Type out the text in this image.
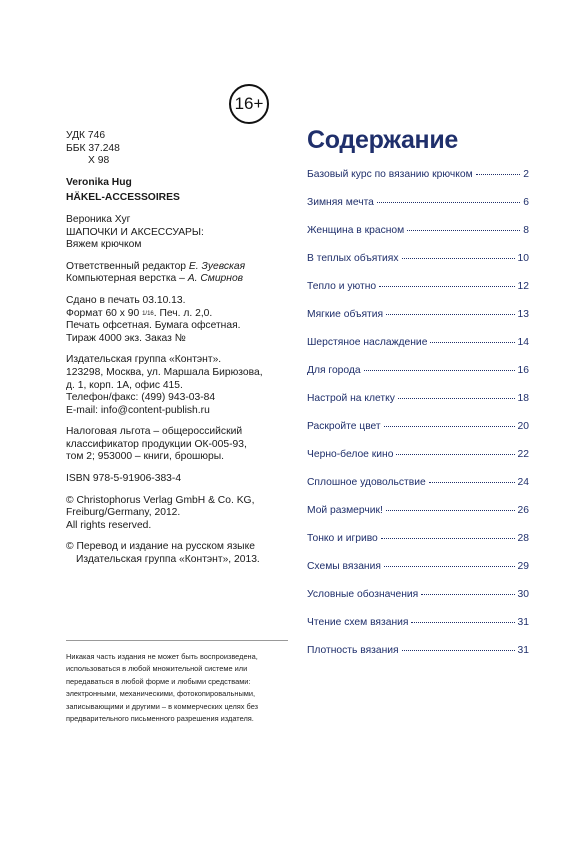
16+

УДК 746

ББК 37.248

Х 98

Veronika Hug

HÄKEL-ACCESSOIRES

Вероника Хуг

ШАПОЧКИ И АКСЕССУАРЫ:

Вяжем крючком

Ответственный редактор Е. Зуевская

Компьютерная верстка – А. Смирнов

Сдано в печать 03.10.13.

Формат 60 х 90 $^{1/16}$. Печ. л. 2,0.

Печать офсетная. Бумага офсетная.

Тираж 4000 экз. Заказ №

Издательская группа «Контэнт».

123298, Москва, ул. Маршала Бирюзова,

д. 1, корп. 1А, офис 415.

Телефон/факс: (499) 943-03-84

E-mail: info@content-publish.ru

Налоговая льгота – общероссийский

классификатор продукции ОК-005-93,

том 2; 953000 – книги, брошюры.

ISBN 978-5-91906-383-4

© Christophorus Verlag GmbH & Co. KG,

Freiburg/Germany, 2012.

All rights reserved.

© Перевод и издание на русском языке

Издательская группа «Контэнт», 2013.

Никакая часть издания не может быть воспроизведена,
использоваться в любой множительной системе или
передаваться в любой форме и любыми средствами:
электронными, механическими, фотокопировальными,
записывающими и другими – в коммерческих целях без
предварительного письменного разрешения издателя.
Содержание
Базовый курс по вязанию крючком	2
Зимняя мечта	6
Женщина в красном	8
В теплых объятиях	10
Тепло и уютно	12
Мягкие объятия	13
Шерстяное наслаждение	14
Для города	16
Настрой на клетку	18
Раскройте цвет	20
Черно-белое кино	22
Сплошное удовольствие	24
Мой размерчик!	26
Тонко и игриво	28
Схемы вязания	29
Условные обозначения	30
Чтение схем вязания	31
Плотность вязания	31
